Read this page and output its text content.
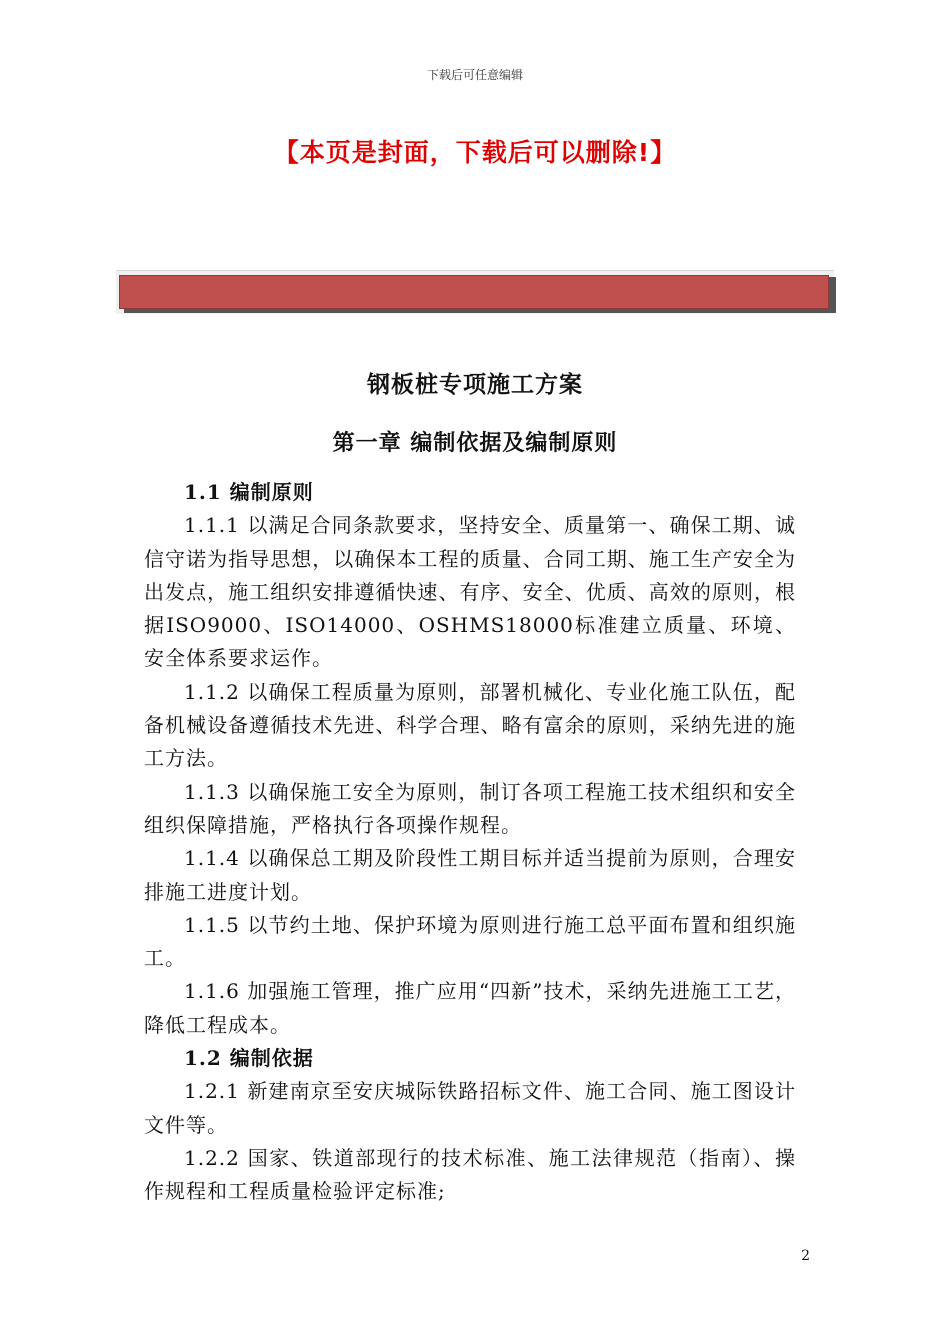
下载后可任意编辑
【本页是封面，下载后可以删除!】
钢板桩专项施工方案
第一章 编制依据及编制原则
1.1 编制原则

1.1.1 以满足合同条款要求，坚持安全、质量第一、确保工期、诚信守诺为指导思想，以确保本工程的质量、合同工期、施工生产安全为出发点，施工组织安排遵循快速、有序、安全、优质、高效的原则，根据ISO9000、ISO14000、OSHMS18000标准建立质量、环境、安全体系要求运作。

1.1.2 以确保工程质量为原则，部署机械化、专业化施工队伍，配备机械设备遵循技术先进、科学合理、略有富余的原则，采纳先进的施工方法。

1.1.3 以确保施工安全为原则，制订各项工程施工技术组织和安全组织保障措施，严格执行各项操作规程。

1.1.4 以确保总工期及阶段性工期目标并适当提前为原则，合理安排施工进度计划。

1.1.5 以节约土地、保护环境为原则进行施工总平面布置和组织施工。

1.1.6 加强施工管理，推广应用“四新”技术，采纳先进施工工艺，降低工程成本。

1.2 编制依据

1.2.1 新建南京至安庆城际铁路招标文件、施工合同、施工图设计文件等。

1.2.2 国家、铁道部现行的技术标准、施工法律规范（指南）、操作规程和工程质量检验评定标准;

2
